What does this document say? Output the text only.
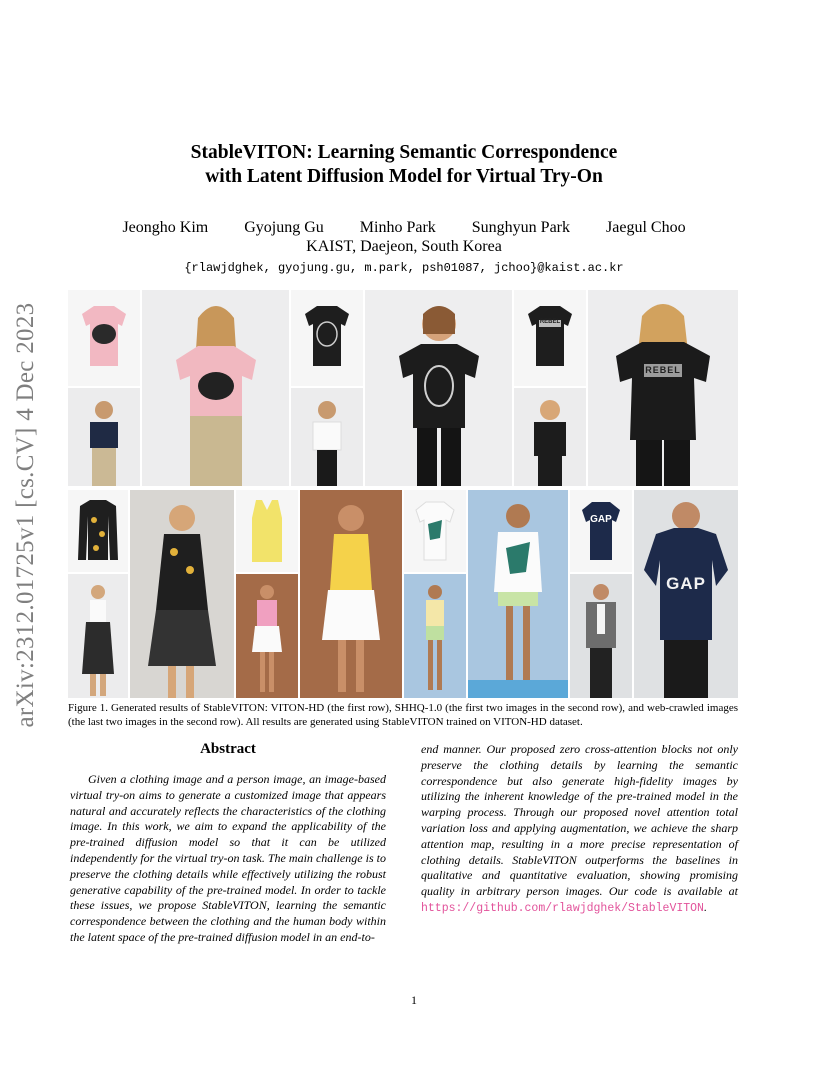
arXiv:2312.01725v1 [cs.CV] 4 Dec 2023
StableVITON: Learning Semantic Correspondence
with Latent Diffusion Model for Virtual Try-On
Jeongho Kim Gyojung Gu Minho Park Sunghyun Park Jaegul Choo
KAIST, Daejeon, South Korea
{rlawjdghek, gyojung.gu, m.park, psh01087, jchoo}@kaist.ac.kr
REBEL
REBEL
GAP
GAP
Figure 1. Generated results of StableVITON: VITON-HD (the first row), SHHQ-1.0 (the first two images in the second row), and web-crawled images (the last two images in the second row). All results are generated using StableVITON trained on VITON-HD dataset.
Abstract
Given a clothing image and a person image, an image-based virtual try-on aims to generate a customized image that appears natural and accurately reflects the characteristics of the clothing image. In this work, we aim to expand the applicability of the pre-trained diffusion model so that it can be utilized independently for the virtual try-on task. The main challenge is to preserve the clothing details while effectively utilizing the robust generative capability of the pre-trained model. In order to tackle these issues, we propose StableVITON, learning the semantic correspondence between the clothing and the human body within the latent space of the pre-trained diffusion model in an end-to-
end manner. Our proposed zero cross-attention blocks not only preserve the clothing details by learning the semantic correspondence but also generate high-fidelity images by utilizing the inherent knowledge of the pre-trained model in the warping process. Through our proposed novel attention total variation loss and applying augmentation, we achieve the sharp attention map, resulting in a more precise representation of clothing details. StableVITON outperforms the baselines in qualitative and quantitative evaluation, showing promising quality in arbitrary person images. Our code is available at https://github.com/rlawjdghek/StableVITON.
1
